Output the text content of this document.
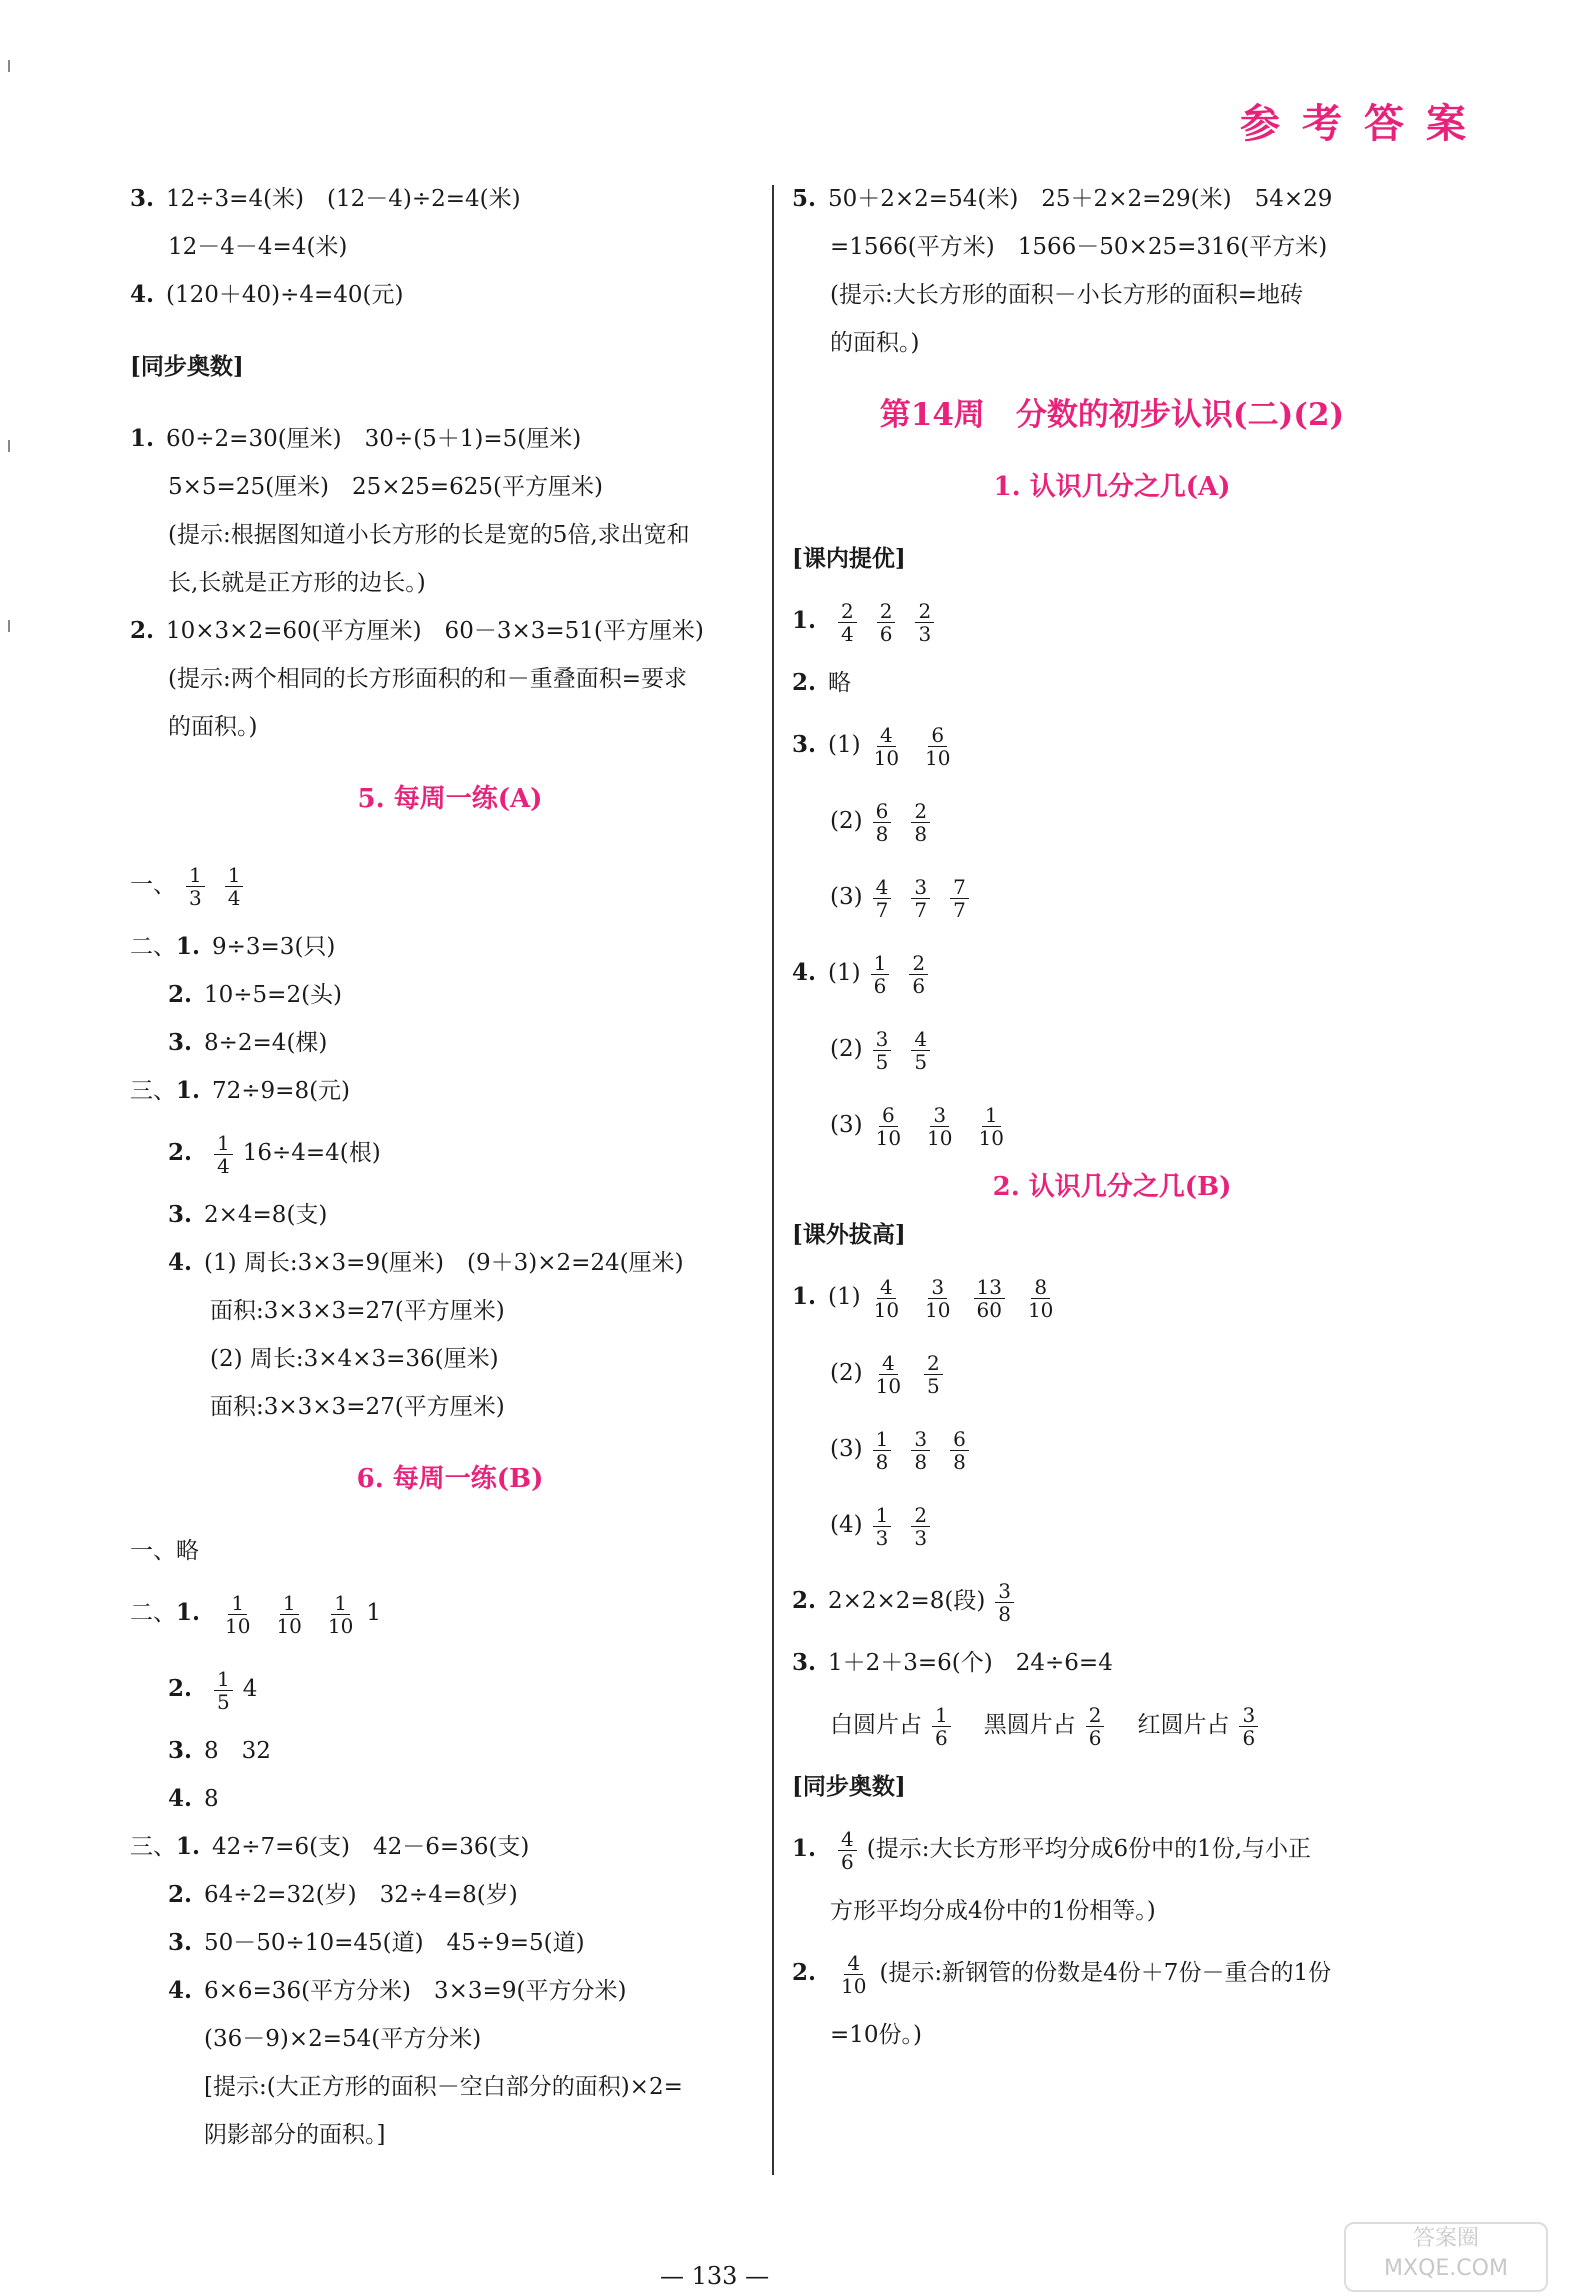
参考答案
3. 12÷3=4(米)　(12－4)÷2=4(米)
12－4－4=4(米)
4. (120＋40)÷4=40(元)
[同步奥数]
1. 60÷2=30(厘米)　30÷(5＋1)=5(厘米)
5×5=25(厘米)　25×25=625(平方厘米)
(提示:根据图知道小长方形的长是宽的5倍,求出宽和
长,长就是正方形的边长。)
2. 10×3×2=60(平方厘米)　60－3×3=51(平方厘米)
(提示:两个相同的长方形面积的和－重叠面积=要求
的面积。)
5. 每周一练(A)
一、 $\frac{1}{3} \frac{1}{4}$
二、1. 9÷3=3(只)
2. 10÷5=2(头)
3. 8÷2=4(棵)
三、1. 72÷9=8(元)
2. $\frac{1}{4} 16\div 4=4$(根)
3. 2×4=8(支)
4. (1) 周长:3×3=9(厘米)　(9＋3)×2=24(厘米)
面积:3×3×3=27(平方厘米)
(2) 周长:3×4×3=36(厘米)
面积:3×3×3=27(平方厘米)
6. 每周一练(B)
一、略
二、1. $\frac{1}{10} \frac{1}{10} \frac{1}{10} 1$
2. $\frac{1}{5} 4$
3. 8　32
4. 8
三、1. 42÷7=6(支)　42－6=36(支)
2. 64÷2=32(岁)　32÷4=8(岁)
3. 50－50÷10=45(道)　45÷9=5(道)
4. 6×6=36(平方分米)　3×3=9(平方分米)
(36－9)×2=54(平方分米)
[提示:(大正方形的面积－空白部分的面积)×2=
阴影部分的面积。]
5. 50＋2×2=54(米)　25＋2×2=29(米)　54×29
=1566(平方米)　1566－50×25=316(平方米)
(提示:大长方形的面积－小长方形的面积=地砖
的面积。)
第14周　分数的初步认识(二)(2)
1. 认识几分之几(A)
[课内提优]
1. $\frac{2}{4} \frac{2}{6} \frac{2}{3}$
2. 略
3. $(1) \frac{4}{10} \frac{6}{10}$
$(2) \frac{6}{8} \frac{2}{8}$
$(3) \frac{4}{7} \frac{3}{7} \frac{7}{7}$
4. $(1) \frac{1}{6} \frac{2}{6}$
$(2) \frac{3}{5} \frac{4}{5}$
$(3) \frac{6}{10} \frac{3}{10} \frac{1}{10}$
2. 认识几分之几(B)
[课外拔高]
1. $(1) \frac{4}{10} \frac{3}{10} \frac{13}{60} \frac{8}{10}$
$(2) \frac{4}{10} \frac{2}{5}$
$(3) \frac{1}{8} \frac{3}{8} \frac{6}{8}$
$(4) \frac{1}{3} \frac{2}{3}$
2. 2×2×2=8(段) $\frac{3}{8}$
3. 1＋2＋3=6(个)　24÷6=4
白圆片占 $\frac{1}{6}$
　 黑圆片占 $\frac{2}{6}$
　 红圆片占 $\frac{3}{6}$
[同步奥数]
1. $\frac{4}{6}$ (提示:大长方形平均分成6份中的1份,与小正
方形平均分成4份中的1份相等。)
2. $\frac{4}{10}$ (提示:新钢管的份数是4份＋7份－重合的1份
=10份。)
— 133 —
答案圈
MXQE.COM
